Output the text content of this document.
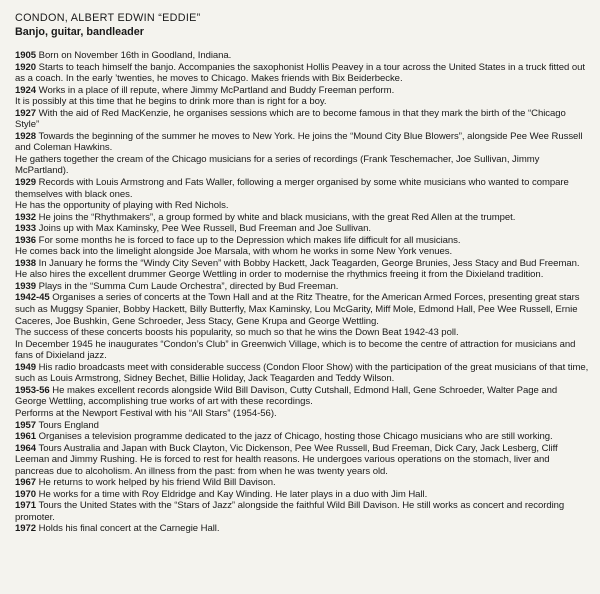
CONDON, ALBERT EDWIN “EDDIE”
Banjo, guitar, bandleader

1905 Born on November 16th in Goodland, Indiana.

1920 Starts to teach himself the banjo. Accompanies the saxophonist Hollis Peavey in a tour across the United States in a truck fitted out as a coach. In the early ’twenties, he moves to Chicago. Makes friends with Bix Beiderbecke.

1924 Works in a place of ill repute, where Jimmy McPartland and Buddy Freeman perform.

It is possibly at this time that he begins to drink more than is right for a boy.

1927 With the aid of Red MacKenzie, he organises sessions which are to become famous in that they mark the birth of the “Chicago Style”

1928 Towards the beginning of the summer he moves to New York. He joins the “Mound City Blue Blowers”, alongside Pee Wee Russell and Coleman Hawkins.

He gathers together the cream of the Chicago musicians for a series of recordings (Frank Teschemacher, Joe Sullivan, Jimmy McPartland).

1929 Records with Louis Armstrong and Fats Waller, following a merger organised by some white musicians who wanted to compare themselves with black ones.

He has the opportunity of playing with Red Nichols.

1932 He joins the “Rhythmakers”, a group formed by white and black musicians, with the great Red Allen at the trumpet.

1933 Joins up with Max Kaminsky, Pee Wee Russell, Bud Freeman and Joe Sullivan.

1936 For some months he is forced to face up to the Depression which makes life difficult for all musicians.

He comes back into the limelight alongside Joe Marsala, with whom he works in some New York venues.

1938 In January he forms the “Windy City Seven” with Bobby Hackett, Jack Teagarden, George Brunies, Jess Stacy and Bud Freeman. He also hires the excellent drummer George Wettling in order to modernise the rhythmics freeing it from the Dixieland tradition.

1939 Plays in the “Summa Cum Laude Orchestra”, directed by Bud Freeman.

1942-45 Organises a series of concerts at the Town Hall and at the Ritz Theatre, for the American Armed Forces, presenting great stars such as Muggsy Spanier, Bobby Hackett, Billy Butterfly, Max Kaminsky, Lou McGarity, Miff Mole, Edmond Hall, Pee Wee Russell, Ernie Caceres, Joe Bushkin, Gene Schroeder, Jess Stacy, Gene Krupa and George Wettling.

The success of these concerts boosts his popularity, so much so that he wins the Down Beat 1942-43 poll.

In December 1945 he inaugurates “Condon’s Club” in Greenwich Village, which is to become the centre of attraction for musicians and fans of Dixieland jazz.

1949 His radio broadcasts meet with considerable success (Condon Floor Show) with the participation of the great musicians of that time, such as Louis Armstrong, Sidney Bechet, Billie Holiday, Jack Teagarden and Teddy Wilson.

1953-56 He makes excellent records alongside Wild Bill Davison, Cutty Cutshall, Edmond Hall, Gene Schroeder, Walter Page and George Wettling, accomplishing true works of art with these recordings.

Performs at the Newport Festival with his “All Stars” (1954-56).

1957 Tours England

1961 Organises a television programme dedicated to the jazz of Chicago, hosting those Chicago musicians who are still working.

1964 Tours Australia and Japan with Buck Clayton, Vic Dickenson, Pee Wee Russell, Bud Freeman, Dick Cary, Jack Lesberg, Cliff Leeman and Jimmy Rushing. He is forced to rest for health reasons. He undergoes various operations on the stomach, liver and pancreas due to alcoholism. An illness from the past: from when he was twenty years old.

1967 He returns to work helped by his friend Wild Bill Davison.

1970 He works for a time with Roy Eldridge and Kay Winding. He later plays in a duo with Jim Hall.

1971 Tours the United States with the “Stars of Jazz” alongside the faithful Wild Bill Davison. He still works as concert and recording promoter.

1972 Holds his final concert at the Carnegie Hall.
